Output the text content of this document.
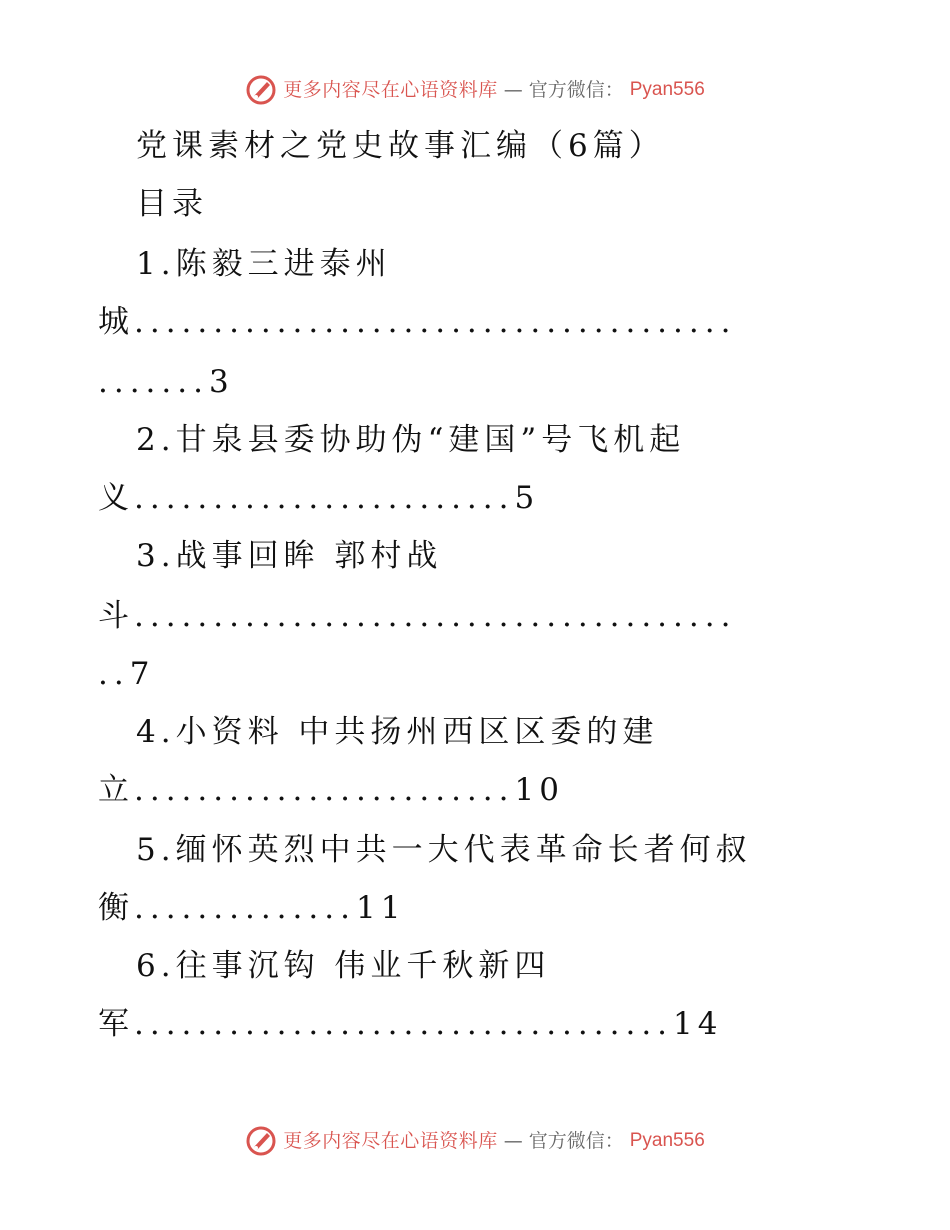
更多内容尽在心语资料库 — 官方微信： Pyan556
党课素材之党史故事汇编（6篇）
目录
1.陈毅三进泰州
城......................................
.......3
2.甘泉县委协助伪“建国”号飞机起
义........................5
3.战事回眸 郭村战
斗......................................
..7
4.小资料 中共扬州西区区委的建
立........................10
5.缅怀英烈中共一大代表革命长者何叔
衡..............11
6.往事沉钩 伟业千秋新四
军..................................14
更多内容尽在心语资料库 — 官方微信： Pyan556
